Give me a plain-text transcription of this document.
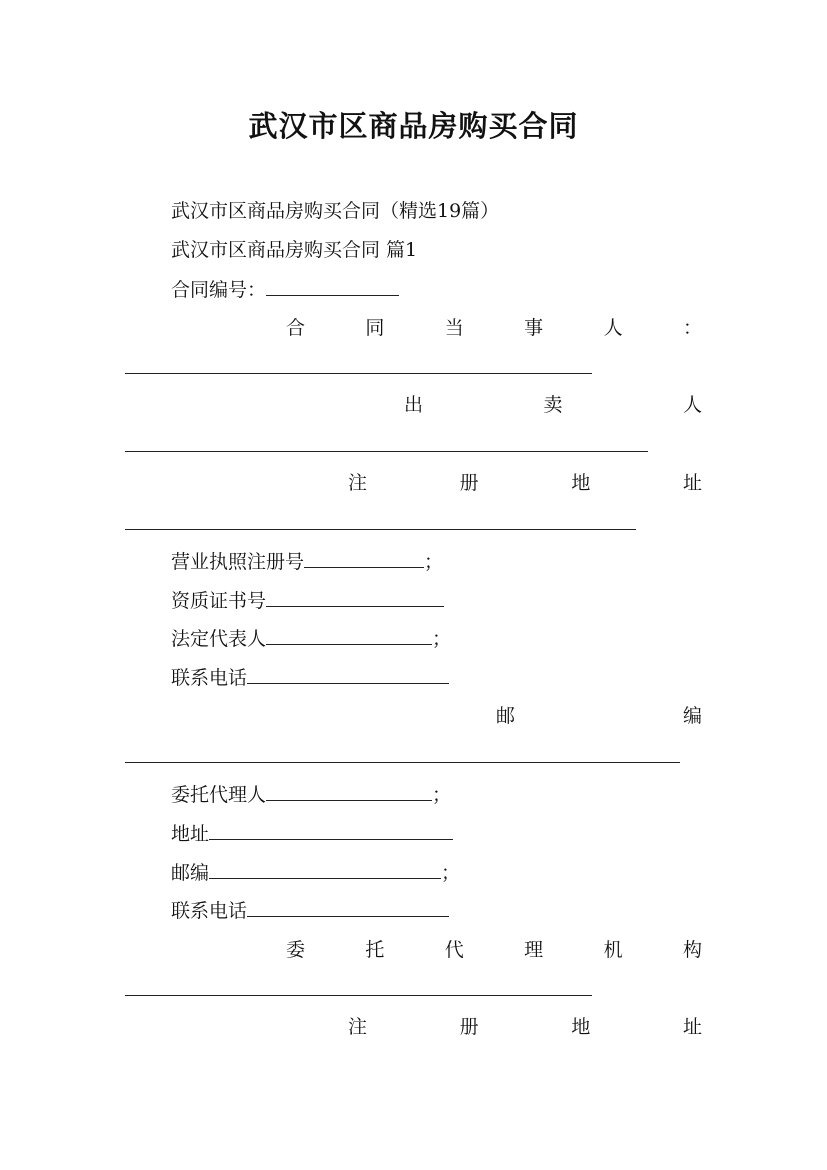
武汉市区商品房购买合同
武汉市区商品房购买合同（精选19篇）
武汉市区商品房购买合同 篇1
合同编号：
合	同	当	事	人	：
出	卖	人
注	册	地	址
营业执照注册号	；
资质证书号
法定代表人	；
联系电话
邮	编
委托代理人	；
地址
邮编	；
联系电话
委	托	代	理	机	构
注	册	地	址
